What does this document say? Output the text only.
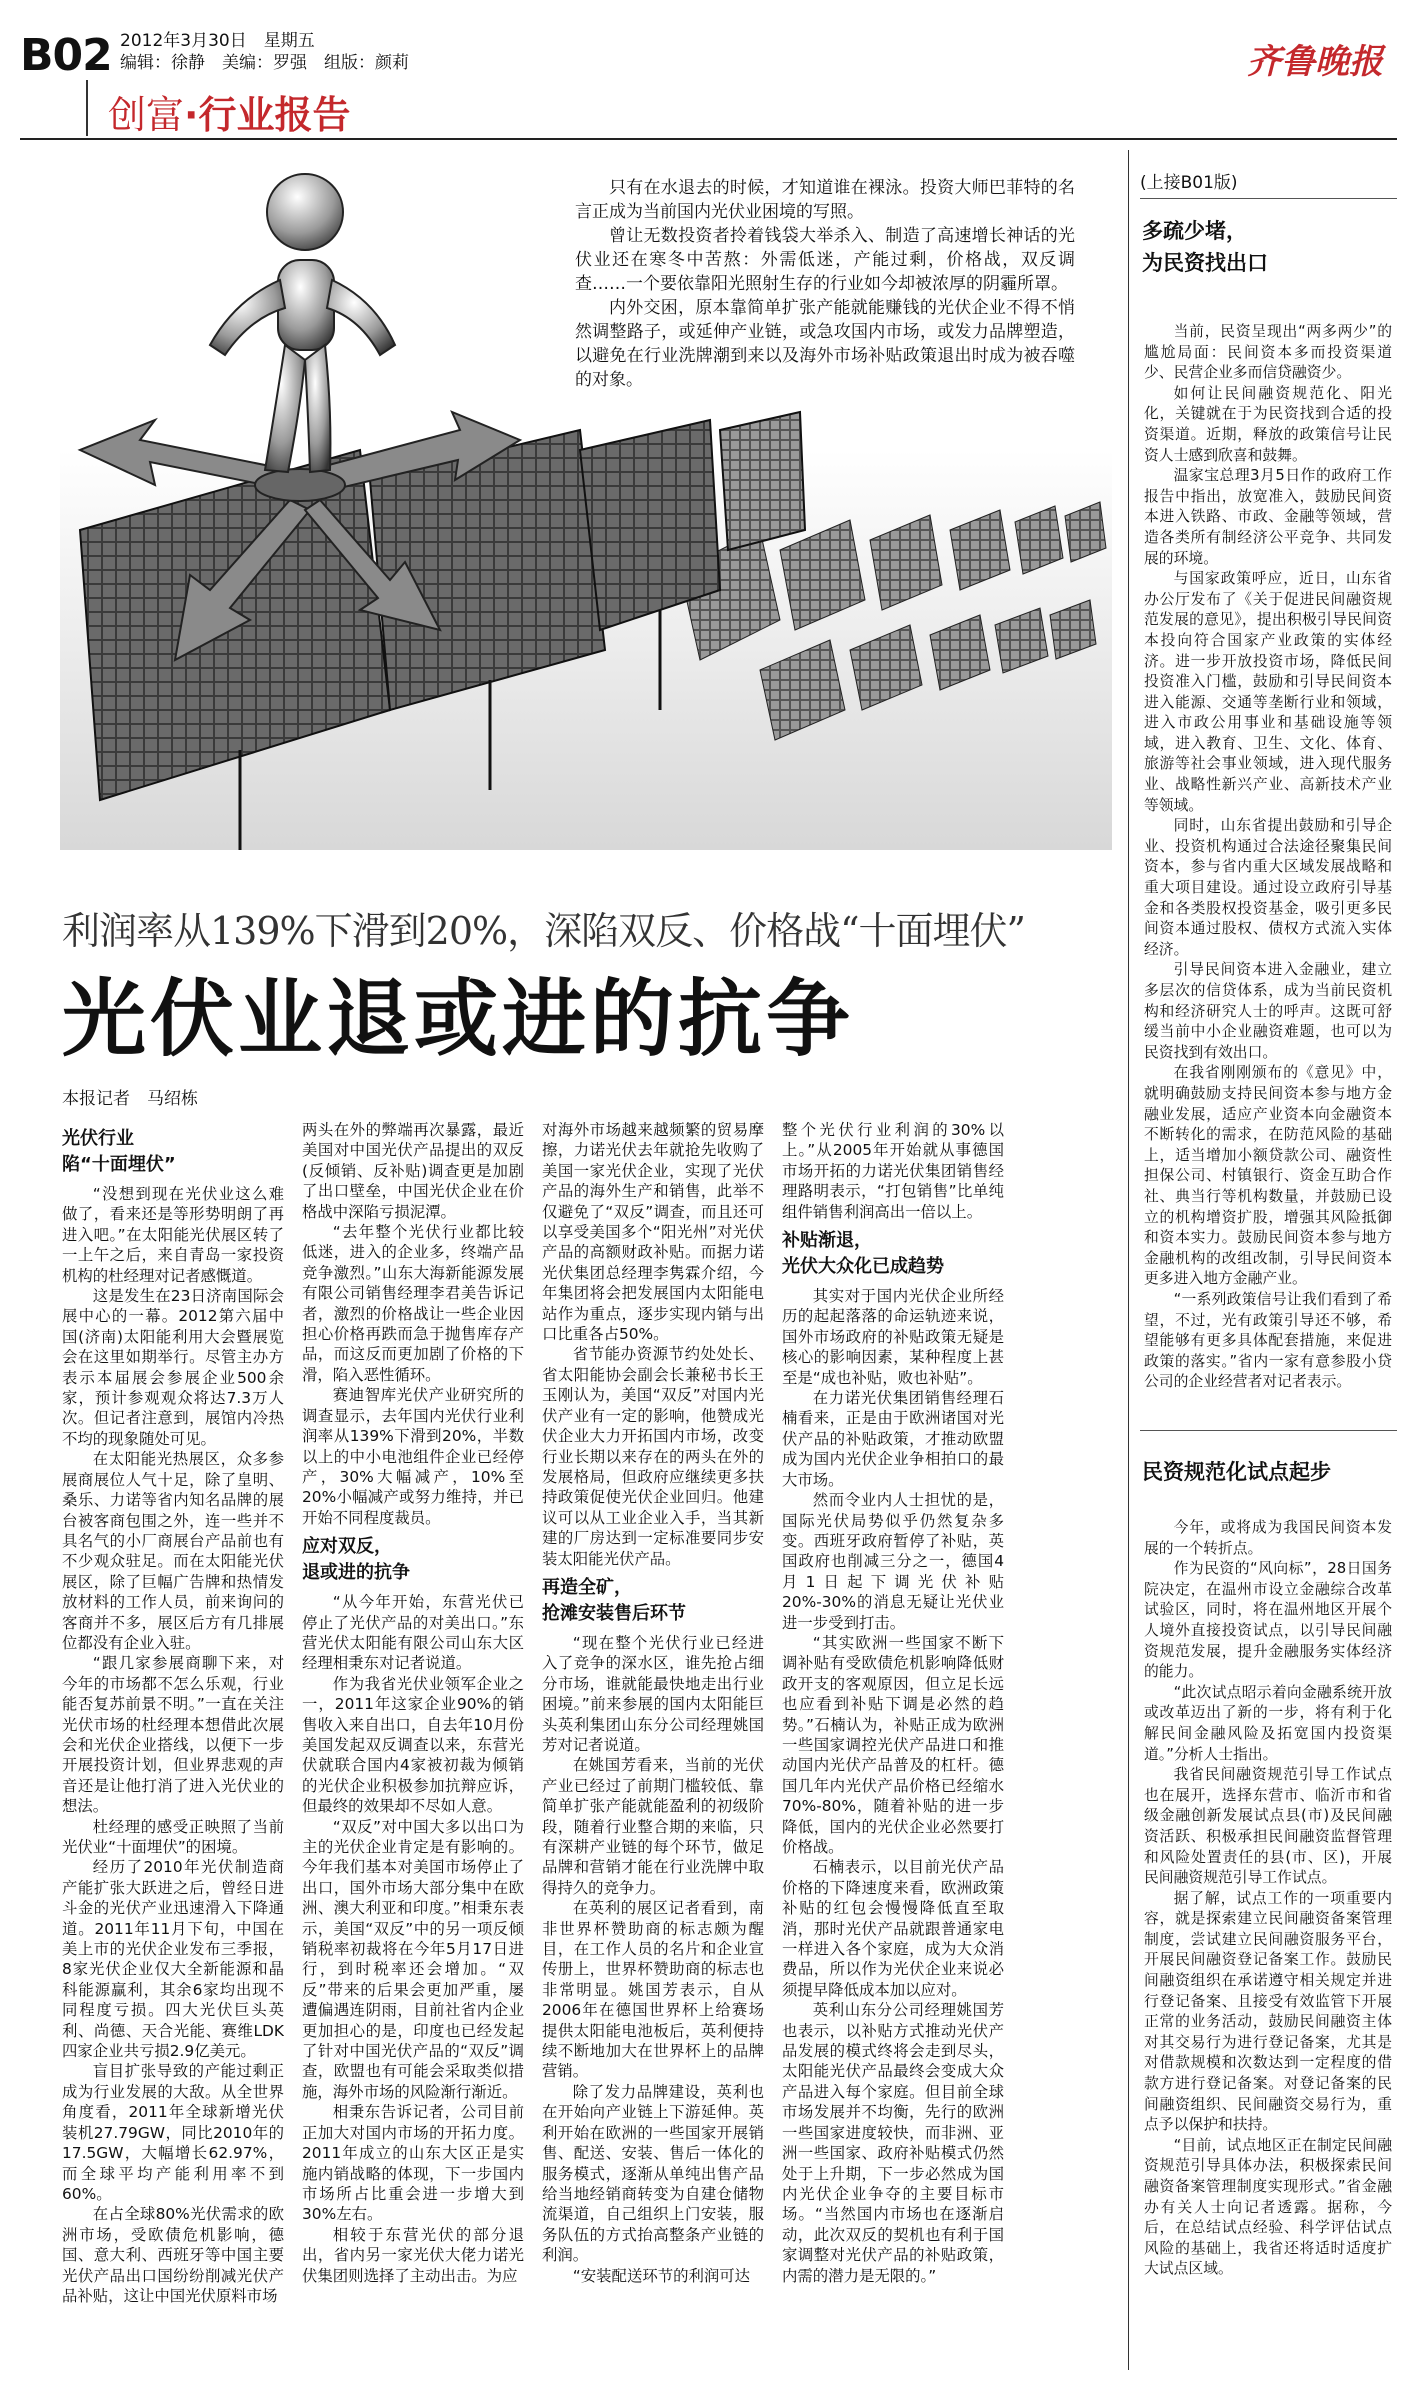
B02 2012年3月30日　星期五
编辑：徐静　美编：罗强　组版：颜莉	齐鲁晚报
创富·行业报告

只有在水退去的时候，才知道谁在裸泳。投资大师巴菲特的名言正成为当前国内光伏业困境的写照。

曾让无数投资者拎着钱袋大举杀入、制造了高速增长神话的光伏业还在寒冬中苦熬：外需低迷，产能过剩，价格战，双反调查……一个要依靠阳光照射生存的行业如今却被浓厚的阴霾所罩。

内外交困，原本靠简单扩张产能就能赚钱的光伏企业不得不悄然调整路子，或延伸产业链，或急攻国内市场，或发力品牌塑造，以避免在行业洗牌潮到来以及海外市场补贴政策退出时成为被吞噬的对象。

利润率从139%下滑到20%，深陷双反、价格战“十面埋伏”
光伏业退或进的抗争
本报记者　马绍栋
光伏行业
陷“十面埋伏”

“没想到现在光伏业这么难做了，看来还是等形势明朗了再进入吧。”在太阳能光伏展区转了一上午之后，来自青岛一家投资机构的杜经理对记者感慨道。

这是发生在23日济南国际会展中心的一幕。2012第六届中国(济南)太阳能利用大会暨展览会在这里如期举行。尽管主办方表示本届展会参展企业500余家，预计参观观众将达7.3万人次。但记者注意到，展馆内冷热不均的现象随处可见。

在太阳能光热展区，众多参展商展位人气十足，除了皇明、桑乐、力诺等省内知名品牌的展台被客商包围之外，连一些并不具名气的小厂商展台产品前也有不少观众驻足。而在太阳能光伏展区，除了巨幅广告牌和热情发放材料的工作人员，前来询问的客商并不多，展区后方有几排展位都没有企业入驻。

“跟几家参展商聊下来，对今年的市场都不怎么乐观，行业能否复苏前景不明。”一直在关注光伏市场的杜经理本想借此次展会和光伏企业搭线，以便下一步开展投资计划，但业界悲观的声音还是让他打消了进入光伏业的想法。

杜经理的感受正映照了当前光伏业“十面埋伏”的困境。

经历了2010年光伏制造商产能扩张大跃进之后，曾经日进斗金的光伏产业迅速滑入下降通道。2011年11月下旬，中国在美上市的光伏企业发布三季报，8家光伏企业仅大全新能源和晶科能源赢利，其余6家均出现不同程度亏损。四大光伏巨头英利、尚德、天合光能、赛维LDK四家企业共亏损2.9亿美元。

盲目扩张导致的产能过剩正成为行业发展的大敌。从全世界角度看，2011年全球新增光伏装机27.79GW，同比2010年的17.5GW，大幅增长62.97%，而全球平均产能利用率不到60%。

在占全球80%光伏需求的欧洲市场，受欧债危机影响，德国、意大利、西班牙等中国主要光伏产品出口国纷纷削减光伏产品补贴，这让中国光伏原料市场

两头在外的弊端再次暴露，最近美国对中国光伏产品提出的双反(反倾销、反补贴)调查更是加剧了出口壁垒，中国光伏企业在价格战中深陷亏损泥潭。

“去年整个光伏行业都比较低迷，进入的企业多，终端产品竞争激烈。”山东大海新能源发展有限公司销售经理李君美告诉记者，激烈的价格战让一些企业因担心价格再跌而急于抛售库存产品，而这反而更加剧了价格的下滑，陷入恶性循环。

赛迪智库光伏产业研究所的调查显示，去年国内光伏行业利润率从139%下滑到20%，半数以上的中小电池组件企业已经停产，30%大幅减产，10%至20%小幅减产或努力维持，并已开始不同程度裁员。

应对双反，
退或进的抗争

“从今年开始，东营光伏已停止了光伏产品的对美出口。”东营光伏太阳能有限公司山东大区经理相秉东对记者说道。

作为我省光伏业领军企业之一，2011年这家企业90%的销售收入来自出口，自去年10月份美国发起双反调查以来，东营光伏就联合国内4家被初裁为倾销的光伏企业积极参加抗辩应诉，但最终的效果却不尽如人意。

“双反”对中国大多以出口为主的光伏企业肯定是有影响的。今年我们基本对美国市场停止了出口，国外市场大部分集中在欧洲、澳大利亚和印度。”相秉东表示，美国“双反”中的另一项反倾销税率初裁将在今年5月17日进行，到时税率还会增加。“双反”带来的后果会更加严重，屡遭偏遇连阴雨，目前社省内企业更加担心的是，印度也已经发起了针对中国光伏产品的“双反”调查，欧盟也有可能会采取类似措施，海外市场的风险渐行渐近。

相秉东告诉记者，公司目前正加大对国内市场的开拓力度。2011年成立的山东大区正是实施内销战略的体现，下一步国内市场所占比重会进一步增大到30%左右。

相较于东营光伏的部分退出，省内另一家光伏大佬力诺光伏集团则选择了主动出击。为应

对海外市场越来越频繁的贸易摩擦，力诺光伏去年就抢先收购了美国一家光伏企业，实现了光伏产品的海外生产和销售，此举不仅避免了“双反”调查，而且还可以享受美国多个“阳光州”对光伏产品的高额财政补贴。而据力诺光伏集团总经理李隽霖介绍，今年集团将会把发展国内太阳能电站作为重点，逐步实现内销与出口比重各占50%。

省节能办资源节约处处长、省太阳能协会副会长兼秘书长王玉刚认为，美国“双反”对国内光伏产业有一定的影响，他赞成光伏企业大力开拓国内市场，改变行业长期以来存在的两头在外的发展格局，但政府应继续更多扶持政策促使光伏企业回归。他建议可以从工业企业入手，当其新建的厂房达到一定标准要同步安装太阳能光伏产品。

再造全矿，
抢滩安装售后环节

“现在整个光伏行业已经进入了竞争的深水区，谁先抢占细分市场，谁就能最快地走出行业困境。”前来参展的国内太阳能巨头英利集团山东分公司经理姚国芳对记者说道。

在姚国芳看来，当前的光伏产业已经过了前期门槛较低、靠简单扩张产能就能盈利的初级阶段，随着行业整合期的来临，只有深耕产业链的每个环节，做足品牌和营销才能在行业洗牌中取得持久的竞争力。

在英利的展区记者看到，南非世界杯赞助商的标志颇为醒目，在工作人员的名片和企业宣传册上，世界杯赞助商的标志也非常明显。姚国芳表示，自从2006年在德国世界杯上给赛场提供太阳能电池板后，英利便持续不断地加大在世界杯上的品牌营销。

除了发力品牌建设，英利也在开始向产业链上下游延伸。英利开始在欧洲的一些国家开展销售、配送、安装、售后一体化的服务模式，逐渐从单纯出售产品给当地经销商转变为自建仓储物流渠道，自己组织上门安装，服务队伍的方式抬高整条产业链的利润。

“安装配送环节的利润可达

整个光伏行业利润的30%以上。”从2005年开始就从事德国市场开拓的力诺光伏集团销售经理路明表示，“打包销售”比单纯组件销售利润高出一倍以上。

补贴渐退，
光伏大众化已成趋势

其实对于国内光伏企业所经历的起起落落的命运轨迹来说，国外市场政府的补贴政策无疑是核心的影响因素，某种程度上甚至是“成也补贴，败也补贴”。

在力诺光伏集团销售经理石楠看来，正是由于欧洲诸国对光伏产品的补贴政策，才推动欧盟成为国内光伏企业争相拍口的最大市场。

然而令业内人士担忧的是，国际光伏局势似乎仍然复杂多变。西班牙政府暂停了补贴，英国政府也削减三分之一，德国4月1日起下调光伏补贴20%-30%的消息无疑让光伏业进一步受到打击。

“其实欧洲一些国家不断下调补贴有受欧债危机影响降低财政开支的客观原因，但立足长远也应看到补贴下调是必然的趋势。”石楠认为，补贴正成为欧洲一些国家调控光伏产品进口和推动国内光伏产品普及的杠杆。德国几年内光伏产品价格已经缩水70%-80%，随着补贴的进一步降低，国内的光伏企业必然要打价格战。

石楠表示，以目前光伏产品价格的下降速度来看，欧洲政策补贴的红包会慢慢降低直至取消，那时光伏产品就跟普通家电一样进入各个家庭，成为大众消费品，所以作为光伏企业来说必须提早降低成本加以应对。

英利山东分公司经理姚国芳也表示，以补贴方式推动光伏产品发展的模式终将会走到尽头，太阳能光伏产品最终会变成大众产品进入每个家庭。但目前全球市场发展并不均衡，先行的欧洲一些国家进度较快，而非洲、亚洲一些国家、政府补贴模式仍然处于上升期，下一步必然成为国内光伏企业争夺的主要目标市场。“当然国内市场也在逐渐启动，此次双反的契机也有利于国家调整对光伏产品的补贴政策，内需的潜力是无限的。”

(上接B01版)
多疏少堵，
为民资找出口

当前，民资呈现出“两多两少”的尴尬局面：民间资本多而投资渠道少、民营企业多而信贷融资少。

如何让民间融资规范化、阳光化，关键就在于为民资找到合适的投资渠道。近期，释放的政策信号让民资人士感到欣喜和鼓舞。

温家宝总理3月5日作的政府工作报告中指出，放宽准入，鼓励民间资本进入铁路、市政、金融等领域，营造各类所有制经济公平竞争、共同发展的环境。

与国家政策呼应，近日，山东省办公厅发布了《关于促进民间融资规范发展的意见》，提出积极引导民间资本投向符合国家产业政策的实体经济。进一步开放投资市场，降低民间投资准入门槛，鼓励和引导民间资本进入能源、交通等垄断行业和领域，进入市政公用事业和基础设施等领域，进入教育、卫生、文化、体育、旅游等社会事业领域，进入现代服务业、战略性新兴产业、高新技术产业等领域。

同时，山东省提出鼓励和引导企业、投资机构通过合法途径聚集民间资本，参与省内重大区域发展战略和重大项目建设。通过设立政府引导基金和各类股权投资基金，吸引更多民间资本通过股权、债权方式流入实体经济。

引导民间资本进入金融业，建立多层次的信贷体系，成为当前民资机构和经济研究人士的呼声。这既可舒缓当前中小企业融资难题，也可以为民资找到有效出口。

在我省刚刚颁布的《意见》中，就明确鼓励支持民间资本参与地方金融业发展，适应产业资本向金融资本不断转化的需求，在防范风险的基础上，适当增加小额贷款公司、融资性担保公司、村镇银行、资金互助合作社、典当行等机构数量，并鼓励已设立的机构增资扩股，增强其风险抵御和资本实力。鼓励民间资本参与地方金融机构的改组改制，引导民间资本更多进入地方金融产业。

“一系列政策信号让我们看到了希望，不过，光有政策引导还不够，希望能够有更多具体配套措施，来促进政策的落实。”省内一家有意参股小贷公司的企业经营者对记者表示。

民资规范化试点起步

今年，或将成为我国民间资本发展的一个转折点。

作为民资的“风向标”，28日国务院决定，在温州市设立金融综合改革试验区，同时，将在温州地区开展个人境外直接投资试点，以引导民间融资规范发展，提升金融服务实体经济的能力。

“此次试点昭示着向金融系统开放或改革迈出了新的一步，将有利于化解民间金融风险及拓宽国内投资渠道。”分析人士指出。

我省民间融资规范引导工作试点也在展开，选择东营市、临沂市和省级金融创新发展试点县(市)及民间融资活跃、积极承担民间融资监督管理和风险处置责任的县(市、区)，开展民间融资规范引导工作试点。

据了解，试点工作的一项重要内容，就是探索建立民间融资备案管理制度，尝试建立民间融资服务平台，开展民间融资登记备案工作。鼓励民间融资组织在承诺遵守相关规定并进行登记备案、且接受有效监管下开展正常的业务活动，鼓励民间融资主体对其交易行为进行登记备案，尤其是对借款规模和次数达到一定程度的借款方进行登记备案。对登记备案的民间融资组织、民间融资交易行为，重点予以保护和扶持。

“目前，试点地区正在制定民间融资规范引导具体办法，积极探索民间融资备案管理制度实现形式。”省金融办有关人士向记者透露。据称，今后，在总结试点经验、科学评估试点风险的基础上，我省还将适时适度扩大试点区域。
